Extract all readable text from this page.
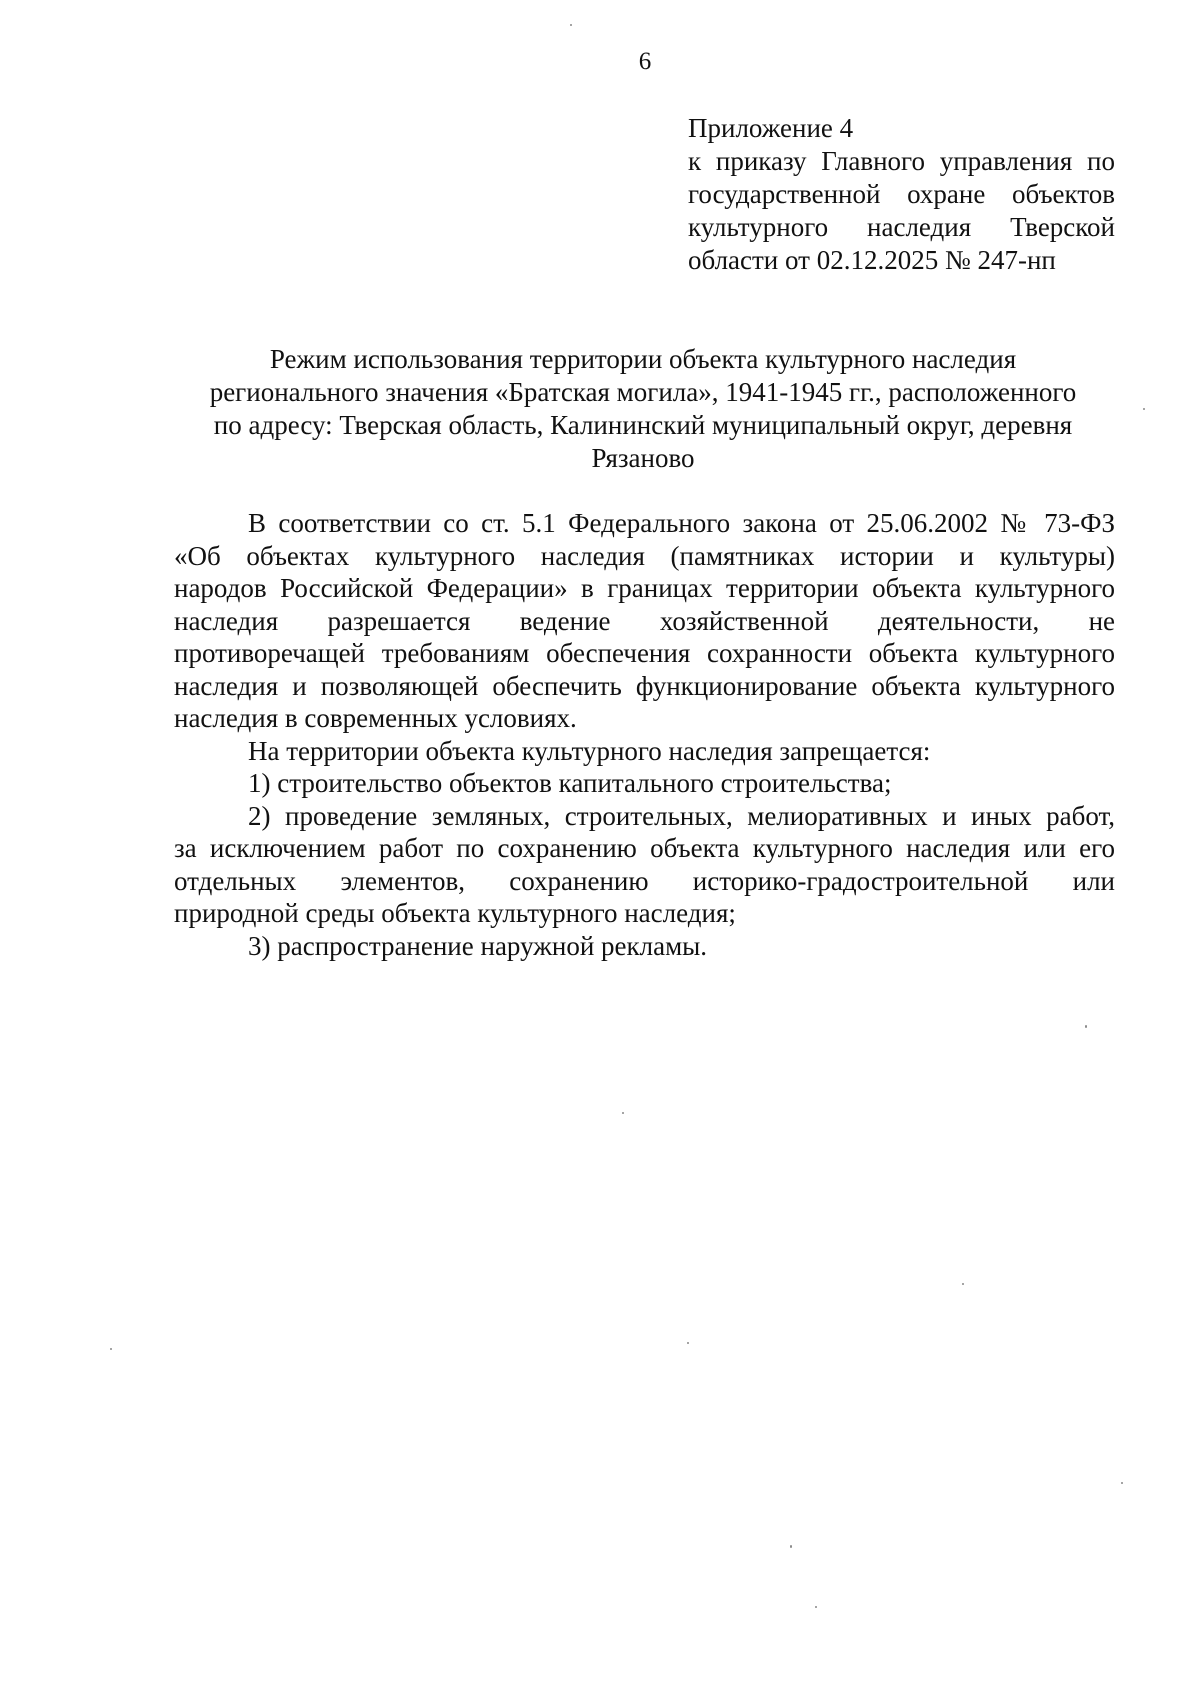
6
Приложение 4
к приказу Главного управления по
государственной охране объектов
культурного наследия Тверской
области от 02.12.2025 № 247-нп
Режим использования территории объекта культурного наследия
регионального значения «Братская могила», 1941-1945 гг., расположенного
по адресу: Тверская область, Калининский муниципальный округ, деревня
Рязаново
В соответствии со ст. 5.1 Федерального закона от 25.06.2002 № 73-ФЗ
«Об объектах культурного наследия (памятниках истории и культуры)
народов Российской Федерации» в границах территории объекта культурного
наследия разрешается ведение хозяйственной деятельности, не
противоречащей требованиям обеспечения сохранности объекта культурного
наследия и позволяющей обеспечить функционирование объекта культурного
наследия в современных условиях.
На территории объекта культурного наследия запрещается:
1) строительство объектов капитального строительства;
2) проведение земляных, строительных, мелиоративных и иных работ,
за исключением работ по сохранению объекта культурного наследия или его
отдельных элементов, сохранению историко-градостроительной или
природной среды объекта культурного наследия;
3) распространение наружной рекламы.
